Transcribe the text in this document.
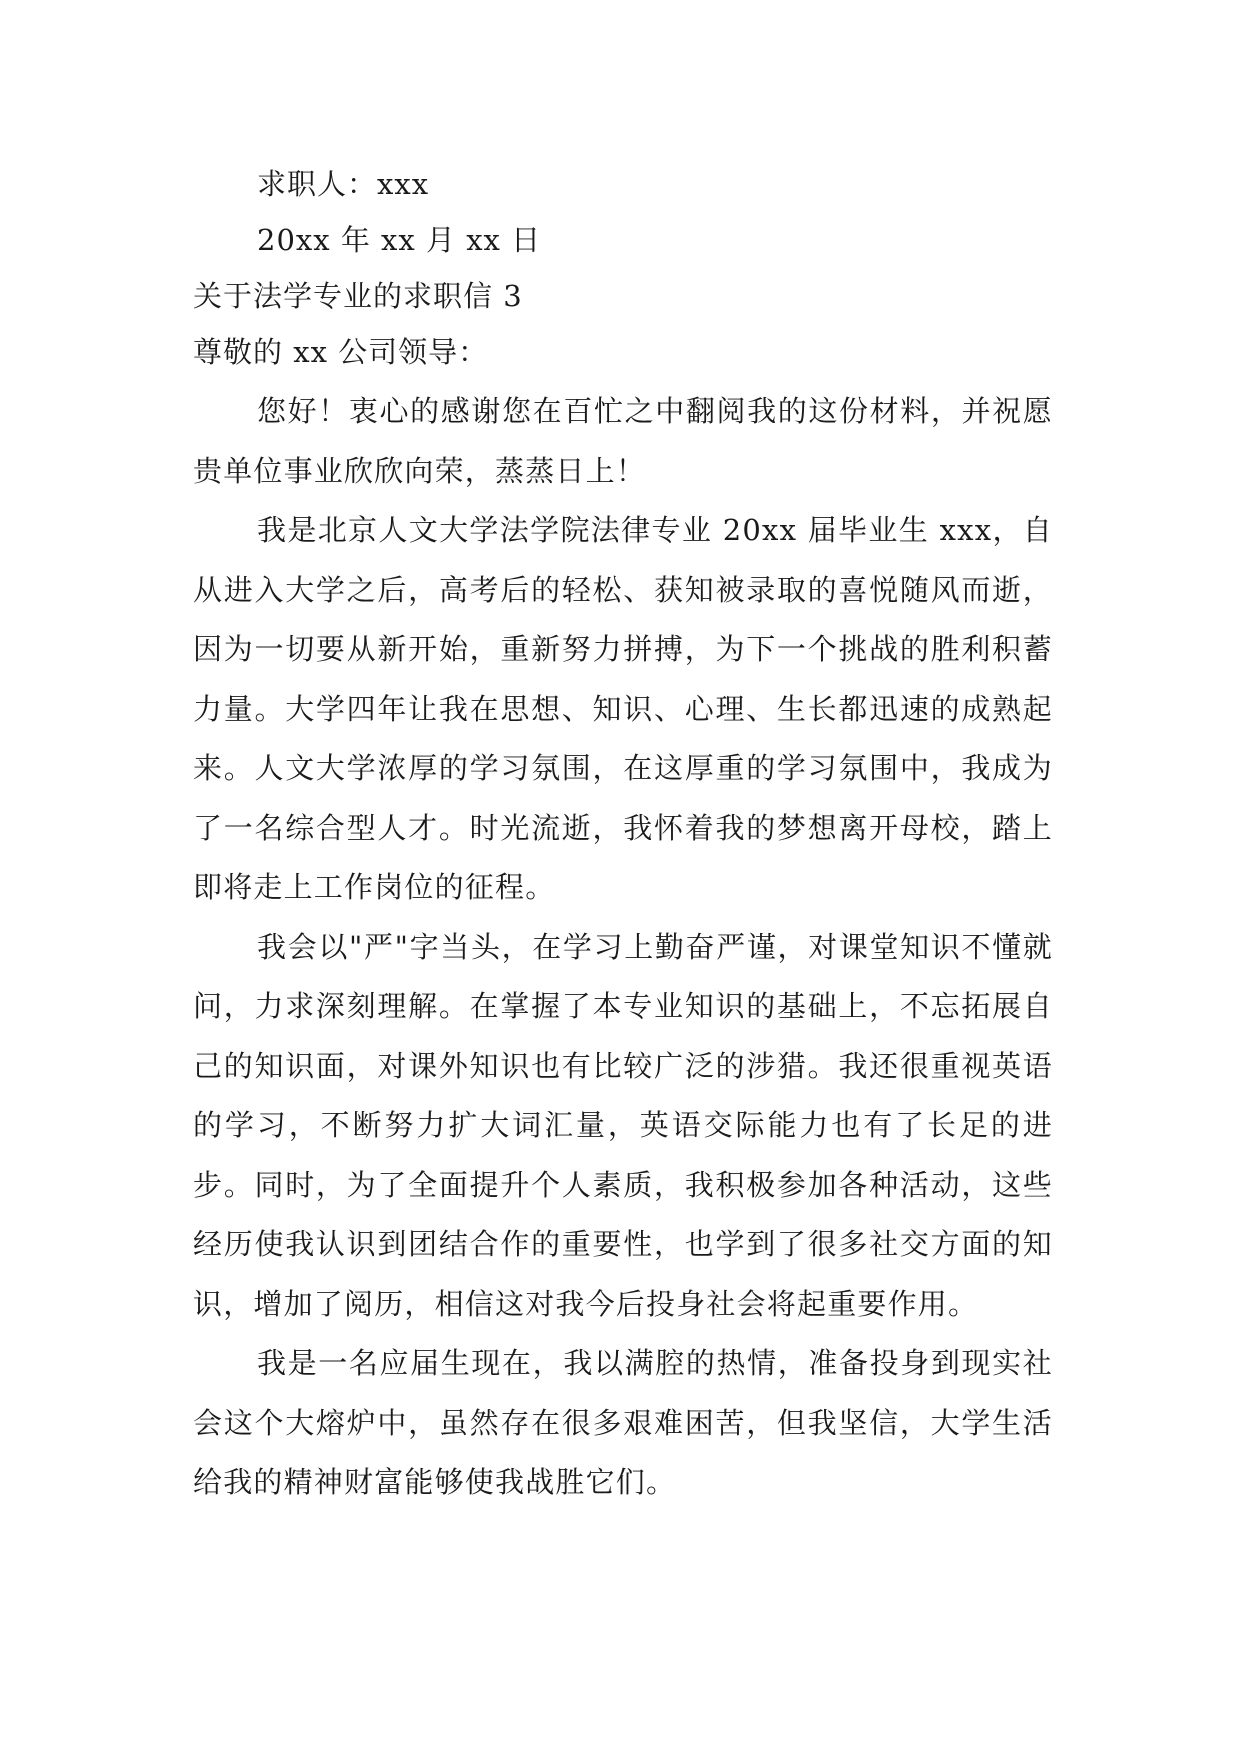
求职人：xxx
20xx 年 xx 月 xx 日
关于法学专业的求职信 3
尊敬的 xx 公司领导：

您好！衷心的感谢您在百忙之中翻阅我的这份材料，并祝愿贵单位事业欣欣向荣，蒸蒸日上！

我是北京人文大学法学院法律专业 20xx 届毕业生 xxx，自从进入大学之后，高考后的轻松、获知被录取的喜悦随风而逝，因为一切要从新开始，重新努力拼搏，为下一个挑战的胜利积蓄力量。大学四年让我在思想、知识、心理、生长都迅速的成熟起来。人文大学浓厚的学习氛围，在这厚重的学习氛围中，我成为了一名综合型人才。时光流逝，我怀着我的梦想离开母校，踏上即将走上工作岗位的征程。

我会以"严"字当头，在学习上勤奋严谨，对课堂知识不懂就问，力求深刻理解。在掌握了本专业知识的基础上，不忘拓展自己的知识面，对课外知识也有比较广泛的涉猎。我还很重视英语的学习，不断努力扩大词汇量，英语交际能力也有了长足的进步。同时，为了全面提升个人素质，我积极参加各种活动，这些经历使我认识到团结合作的重要性，也学到了很多社交方面的知识，增加了阅历，相信这对我今后投身社会将起重要作用。

我是一名应届生现在，我以满腔的热情，准备投身到现实社会这个大熔炉中，虽然存在很多艰难困苦，但我坚信，大学生活给我的精神财富能够使我战胜它们。
